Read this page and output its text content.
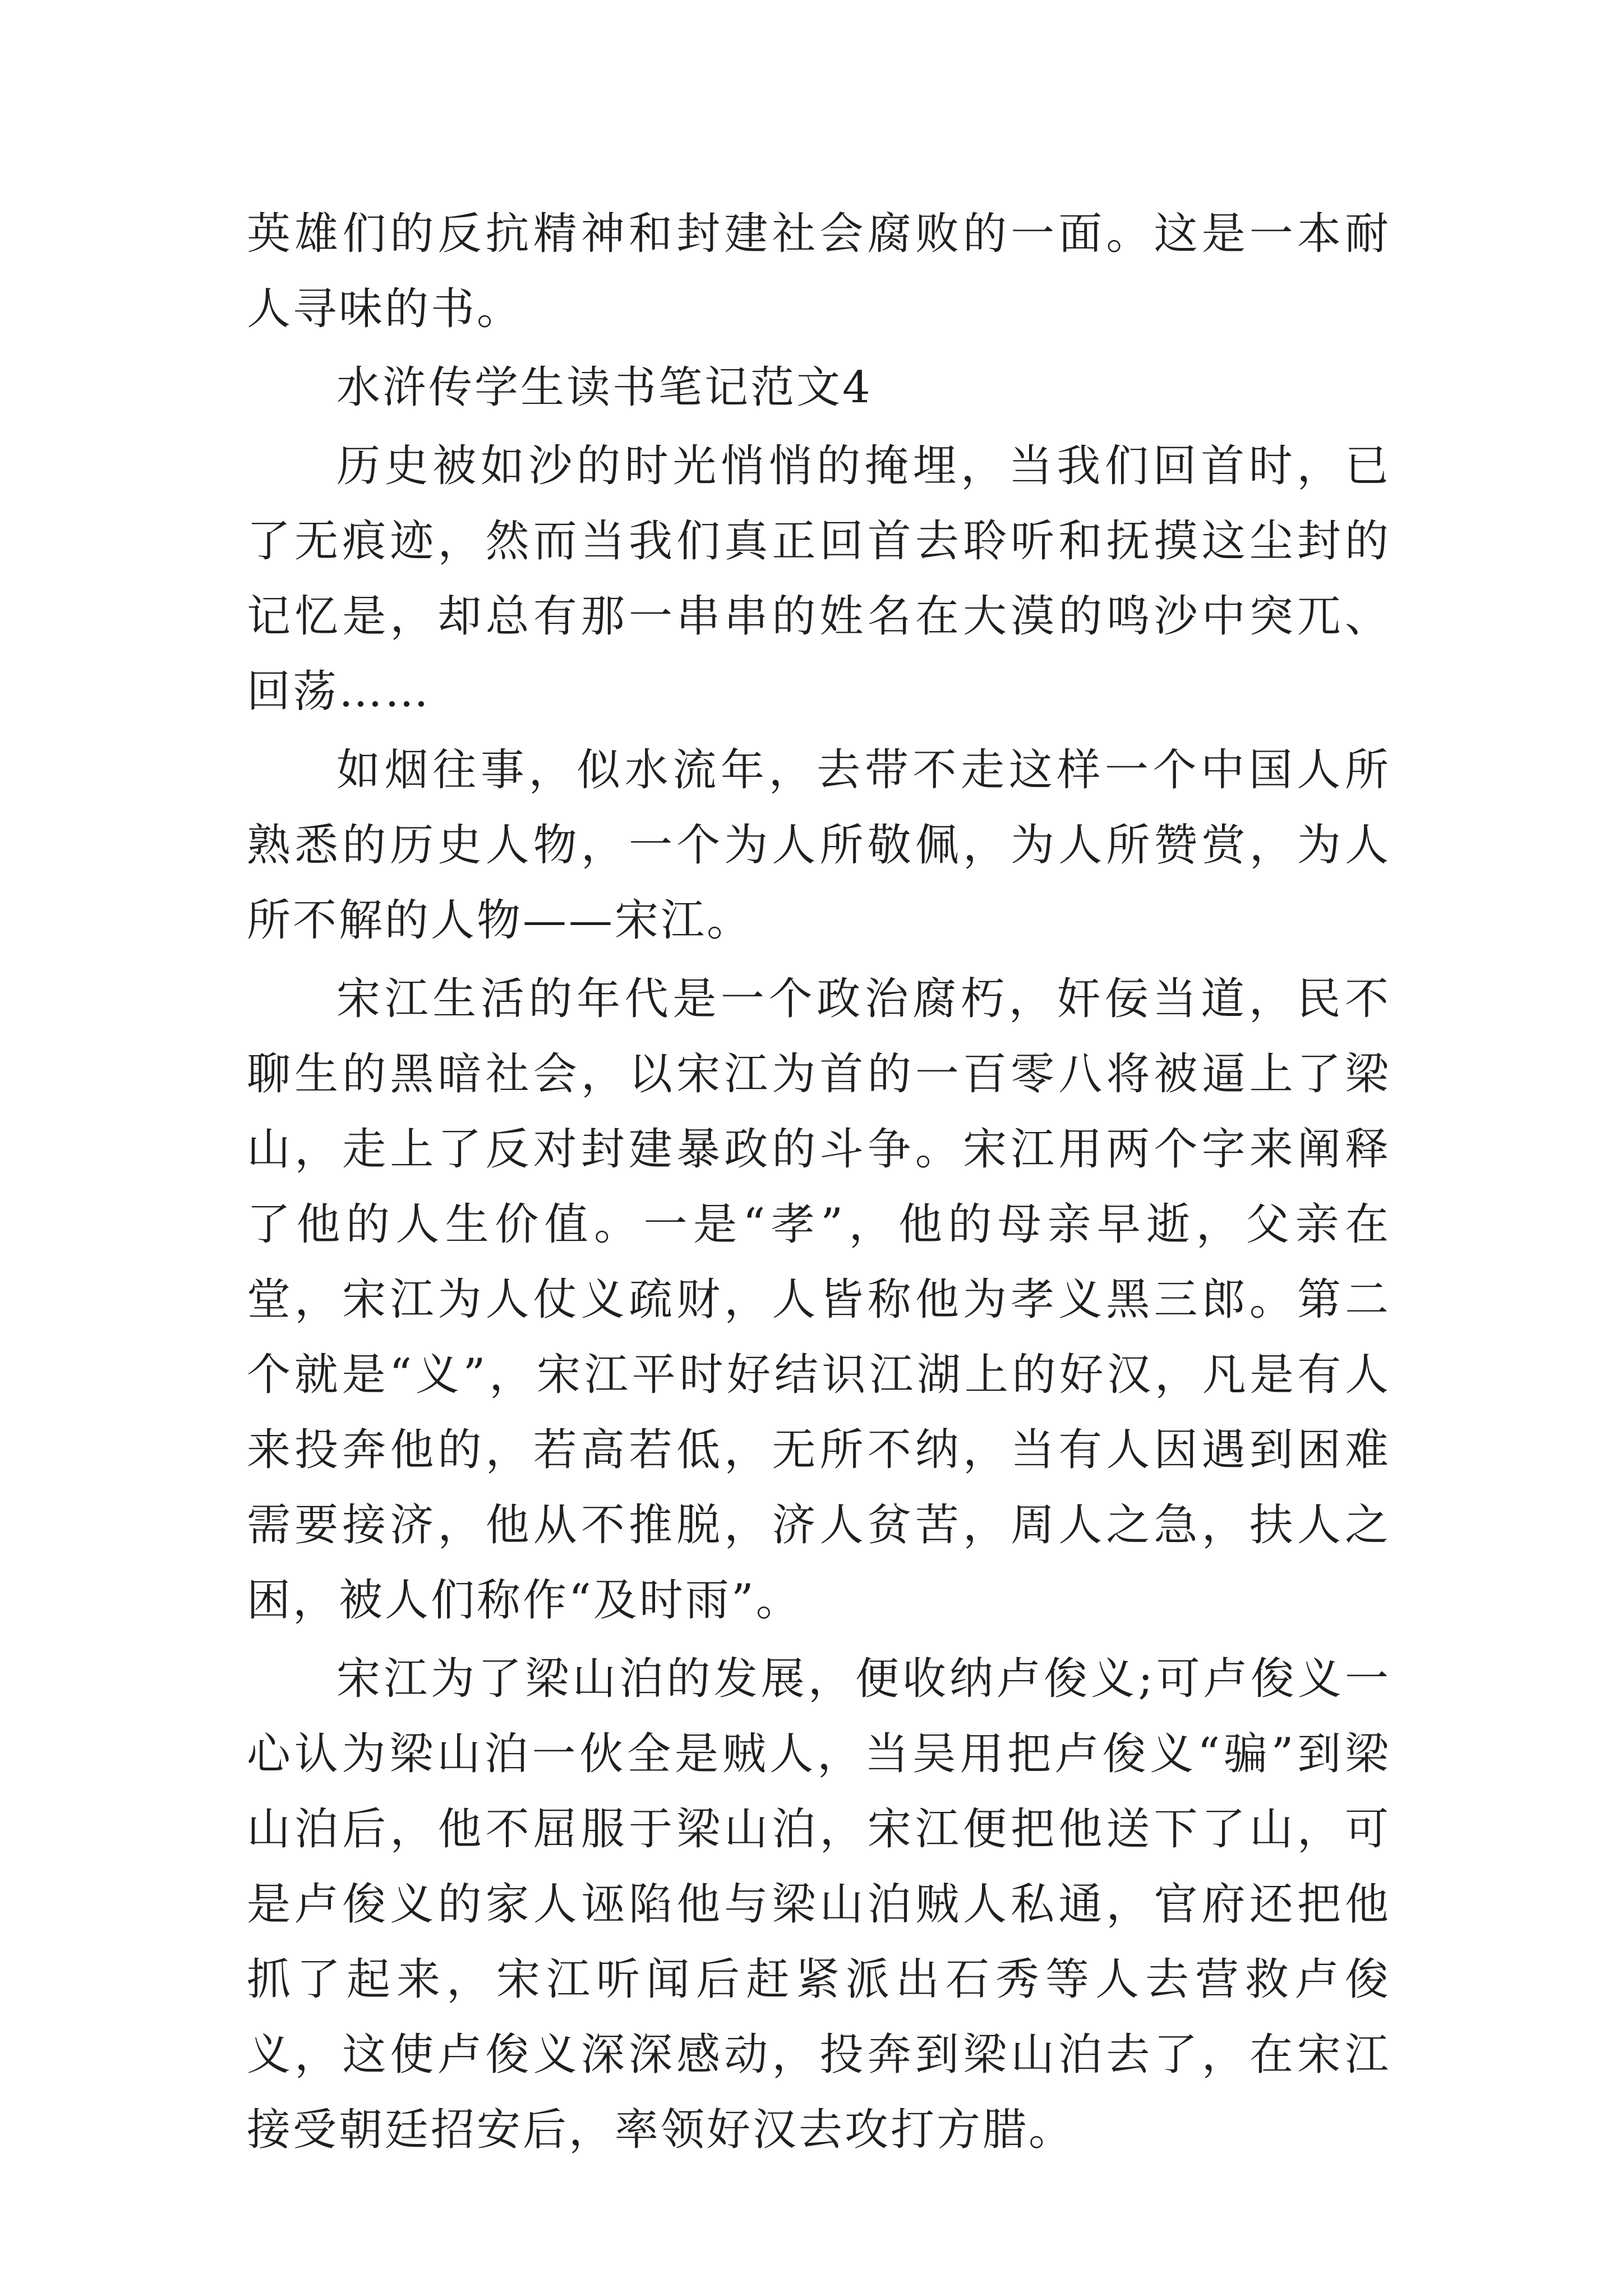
英雄们的反抗精神和封建社会腐败的一面。这是一本耐人寻味的书。

水浒传学生读书笔记范文4

历史被如沙的时光悄悄的掩埋，当我们回首时，已了无痕迹，然而当我们真正回首去聆听和抚摸这尘封的记忆是，却总有那一串串的姓名在大漠的鸣沙中突兀、回荡……

如烟往事，似水流年，去带不走这样一个中国人所熟悉的历史人物，一个为人所敬佩，为人所赞赏，为人所不解的人物——宋江。

宋江生活的年代是一个政治腐朽，奸佞当道，民不聊生的黑暗社会，以宋江为首的一百零八将被逼上了梁山，走上了反对封建暴政的斗争。宋江用两个字来阐释了他的人生价值。一是“孝”，他的母亲早逝，父亲在堂，宋江为人仗义疏财，人皆称他为孝义黑三郎。第二个就是“义”，宋江平时好结识江湖上的好汉，凡是有人来投奔他的，若高若低，无所不纳，当有人因遇到困难需要接济，他从不推脱，济人贫苦，周人之急，扶人之困，被人们称作“及时雨”。

宋江为了梁山泊的发展，便收纳卢俊义;可卢俊义一心认为梁山泊一伙全是贼人，当吴用把卢俊义“骗”到梁山泊后，他不屈服于梁山泊，宋江便把他送下了山，可是卢俊义的家人诬陷他与梁山泊贼人私通，官府还把他抓了起来，宋江听闻后赶紧派出石秀等人去营救卢俊义，这使卢俊义深深感动，投奔到梁山泊去了，在宋江接受朝廷招安后，率领好汉去攻打方腊。
